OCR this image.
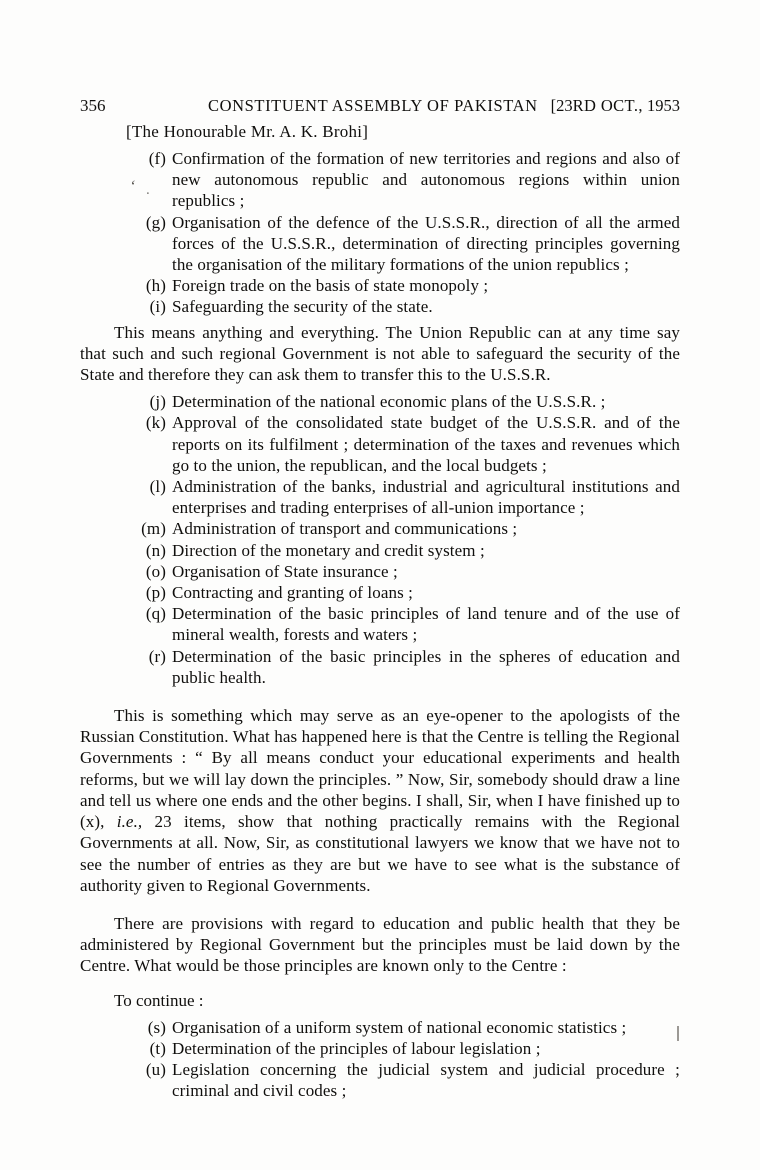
356	CONSTITUENT ASSEMBLY OF PAKISTAN [23RD OCT., 1953
[The Honourable Mr. A. K. Brohi]
(f) Confirmation of the formation of new territories and regions and also of new autonomous republic and autonomous regions within union republics ;
(g) Organisation of the defence of the U.S.S.R., direction of all the armed forces of the U.S.S.R., determination of directing principles governing the organisation of the military formations of the union republics ;
(h) Foreign trade on the basis of state monopoly ;
(i) Safeguarding the security of the state.

This means anything and everything. The Union Republic can at any time say that such and such regional Government is not able to safeguard the security of the State and therefore they can ask them to transfer this to the U.S.S.R.

(j) Determination of the national economic plans of the U.S.S.R. ;
(k) Approval of the consolidated state budget of the U.S.S.R. and of the reports on its fulfilment ; determination of the taxes and revenues which go to the union, the republican, and the local budgets ;
(l) Administration of the banks, industrial and agricultural institutions and enterprises and trading enterprises of all-union importance ;
(m) Administration of transport and communications ;
(n) Direction of the monetary and credit system ;
(o) Organisation of State insurance ;
(p) Contracting and granting of loans ;
(q) Determination of the basic principles of land tenure and of the use of mineral wealth, forests and waters ;
(r) Determination of the basic principles in the spheres of education and public health.

This is something which may serve as an eye-opener to the apologists of the Russian Constitution. What has happened here is that the Centre is telling the Regional Governments : “ By all means conduct your educational experiments and health reforms, but we will lay down the principles. ” Now, Sir, somebody should draw a line and tell us where one ends and the other begins. I shall, Sir, when I have finished up to (x), i.e., 23 items, show that nothing practically remains with the Regional Governments at all. Now, Sir, as constitutional lawyers we know that we have not to see the number of entries as they are but we have to see what is the substance of authority given to Regional Governments.

There are provisions with regard to education and public health that they be administered by Regional Government but the principles must be laid down by the Centre. What would be those principles are known only to the Centre :

To continue :

(s) Organisation of a uniform system of national economic statistics ;
(t) Determination of the principles of labour legislation ;
(u) Legislation concerning the judicial system and judicial procedure ; criminal and civil codes ;
‘ .
